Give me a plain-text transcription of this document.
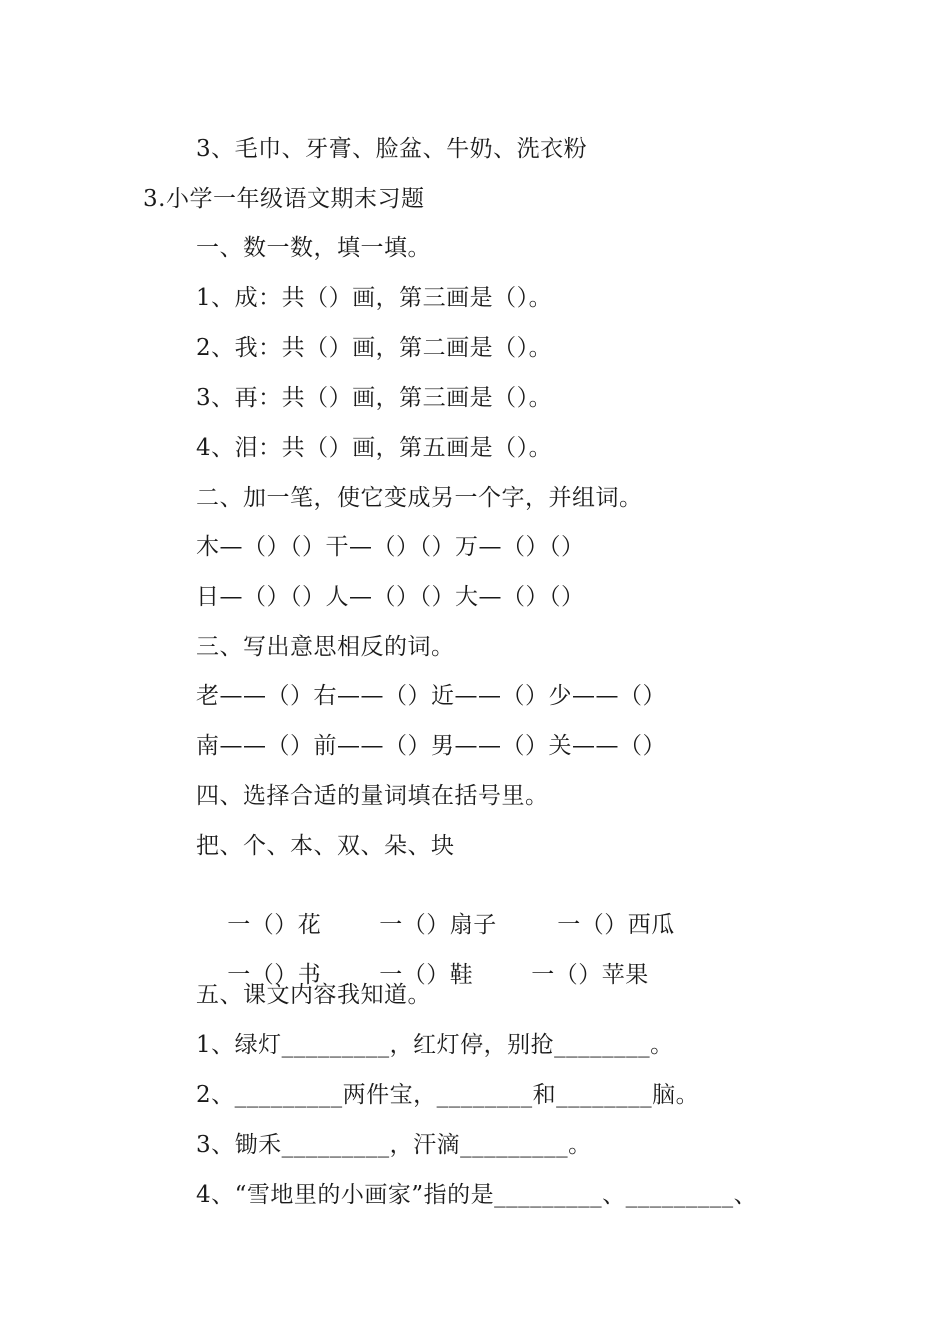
3、毛巾、牙膏、脸盆、牛奶、洗衣粉
3.小学一年级语文期末习题
一、数一数，填一填。
1、成：共（）画，第三画是（）。
2、我：共（）画，第二画是（）。
3、再：共（）画，第三画是（）。
4、泪：共（）画，第五画是（）。
二、加一笔，使它变成另一个字，并组词。
木—（）（）干—（）（）万—（）（）
日—（）（）人—（）（）大—（）（）
三、写出意思相反的词。
老——（）右——（）近——（）少——（）
南——（）前——（）男——（）关——（）
四、选择合适的量词填在括号里。
把、个、本、双、朵、块

一（）花	一（）扇子	一（）西瓜

一（）书	一（）鞋	一（）苹果

五、课文内容我知道。
1、绿灯_________，红灯停，别抢________。
2、_________两件宝，________和________脑。
3、锄禾_________，汗滴_________。
4、“雪地里的小画家”指的是_________、_________、
